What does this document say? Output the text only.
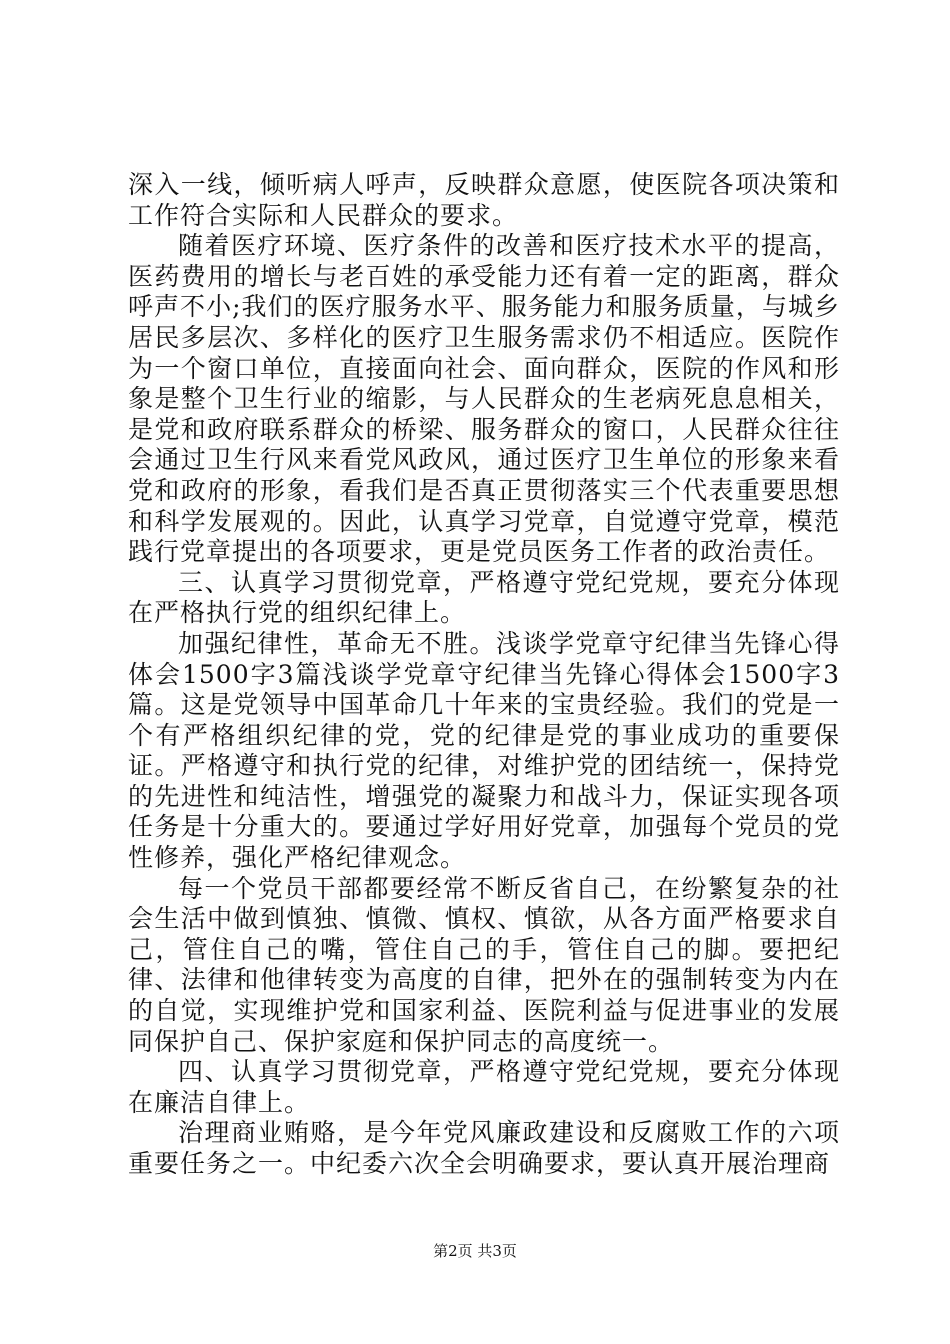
深入一线，倾听病人呼声，反映群众意愿，使医院各项决策和工作符合实际和人民群众的要求。

随着医疗环境、医疗条件的改善和医疗技术水平的提高，医药费用的增长与老百姓的承受能力还有着一定的距离，群众呼声不小;我们的医疗服务水平、服务能力和服务质量，与城乡居民多层次、多样化的医疗卫生服务需求仍不相适应。医院作为一个窗口单位，直接面向社会、面向群众，医院的作风和形象是整个卫生行业的缩影，与人民群众的生老病死息息相关，是党和政府联系群众的桥梁、服务群众的窗口，人民群众往往会通过卫生行风来看党风政风，通过医疗卫生单位的形象来看党和政府的形象，看我们是否真正贯彻落实三个代表重要思想和科学发展观的。因此，认真学习党章，自觉遵守党章，模范践行党章提出的各项要求，更是党员医务工作者的政治责任。

三、认真学习贯彻党章，严格遵守党纪党规，要充分体现在严格执行党的组织纪律上。

加强纪律性，革命无不胜。浅谈学党章守纪律当先锋心得体会1500字3篇浅谈学党章守纪律当先锋心得体会1500字3篇。这是党领导中国革命几十年来的宝贵经验。我们的党是一个有严格组织纪律的党，党的纪律是党的事业成功的重要保证。严格遵守和执行党的纪律，对维护党的团结统一，保持党的先进性和纯洁性，增强党的凝聚力和战斗力，保证实现各项任务是十分重大的。要通过学好用好党章，加强每个党员的党性修养，强化严格纪律观念。

每一个党员干部都要经常不断反省自己，在纷繁复杂的社会生活中做到慎独、慎微、慎权、慎欲，从各方面严格要求自己，管住自己的嘴，管住自己的手，管住自己的脚。要把纪律、法律和他律转变为高度的自律，把外在的强制转变为内在的自觉，实现维护党和国家利益、医院利益与促进事业的发展同保护自己、保护家庭和保护同志的高度统一。

四、认真学习贯彻党章，严格遵守党纪党规，要充分体现在廉洁自律上。

治理商业贿赂，是今年党风廉政建设和反腐败工作的六项重要任务之一。中纪委六次全会明确要求，要认真开展治理商

第2页 共3页
